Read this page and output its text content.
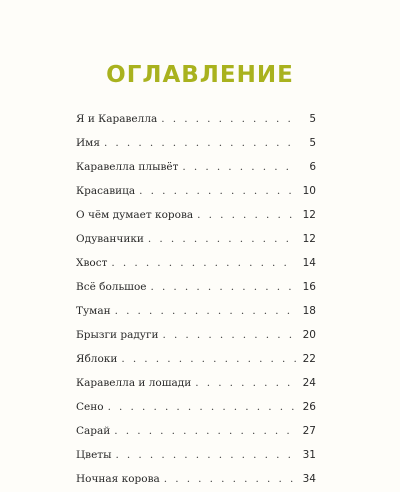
ОГЛАВЛЕНИЕ
Я и Каравелла . . .	5
Имя . . .	5
Каравелла плывёт . . .	6
Красавица . . .	10
О чём думает корова . . .	12
Одуванчики . . .	12
Хвост . . .	14
Всё большое . . .	16
Туман . . .	18
Брызги радуги . . .	20
Яблоки . . .	22
Каравелла и лошади . . .	24
Сено . . .	26
Сарай . . .	27
Цветы . . .	31
Ночная корова . . .	34
